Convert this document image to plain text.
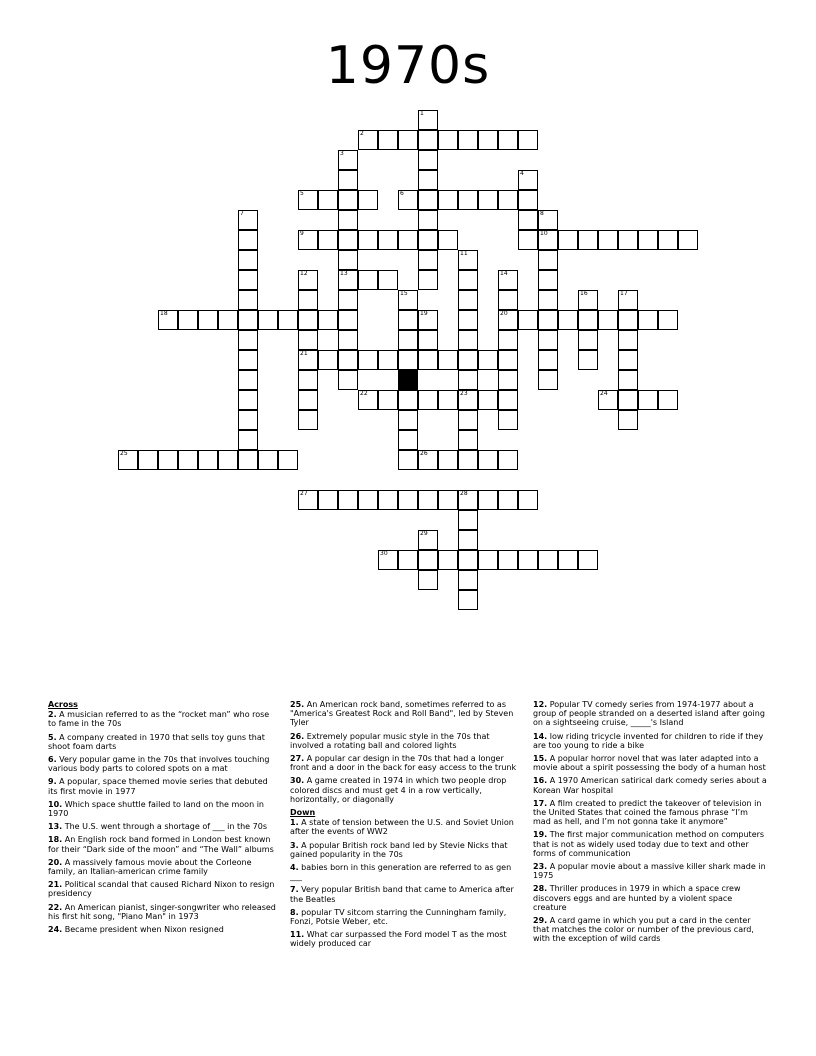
1970s
1
2
3
13
4
5	6
7	8
10
9
11
23
12
21
14
20
15	16	17
18	19
22	24
25	26
27	28
29
30
Across
2. A musician referred to as the “rocket man” who rose to fame in the 70s
5. A company created in 1970 that sells toy guns that shoot foam darts
6. Very popular game in the 70s that involves touching various body parts to colored spots on a mat
9. A popular, space themed movie series that debuted its first movie in 1977
10. Which space shuttle failed to land on the moon in 1970
13. The U.S. went through a shortage of ___ in the 70s
18. An English rock band formed in London best known for their “Dark side of the moon” and “The Wall” albums
20. A massively famous movie about the Corleone family, an Italian-american crime family
21. Political scandal that caused Richard Nixon to resign presidency
22. An American pianist, singer-songwriter who released his first hit song, "Piano Man" in 1973
24. Became president when Nixon resigned
25. An American rock band, sometimes referred to as "America's Greatest Rock and Roll Band", led by Steven Tyler
26. Extremely popular music style in the 70s that involved a rotating ball and colored lights
27. A popular car design in the 70s that had a longer front and a door in the back for easy access to the trunk
30. A game created in 1974 in which two people drop colored discs and must get 4 in a row vertically, horizontally, or diagonally
Down
1. A state of tension between the U.S. and Soviet Union after the events of WW2
3. A popular British rock band led by Stevie Nicks that gained popularity in the 70s
4. babies born in this generation are referred to as gen ___
7. Very popular British band that came to America after the Beatles
8. popular TV sitcom starring the Cunningham family, Fonzi, Potsie Weber, etc.
11. What car surpassed the Ford model T as the most widely produced car
12. Popular TV comedy series from 1974-1977 about a group of people stranded on a deserted island after going on a sightseeing cruise, _____'s Island
14. low riding tricycle invented for children to ride if they are too young to ride a bike
15. A popular horror novel that was later adapted into a movie about a spirit possessing the body of a human host
16. A 1970 American satirical dark comedy series about a Korean War hospital
17. A film created to predict the takeover of television in the United States that coined the famous phrase “I’m mad as hell, and I’m not gonna take it anymore”
19. The first major communication method on computers that is not as widely used today due to text and other forms of communication
23. A popular movie about a massive killer shark made in 1975
28. Thriller produces in 1979 in which a space crew discovers eggs and are hunted by a violent space creature
29. A card game in which you put a card in the center that matches the color or number of the previous card, with the exception of wild cards
